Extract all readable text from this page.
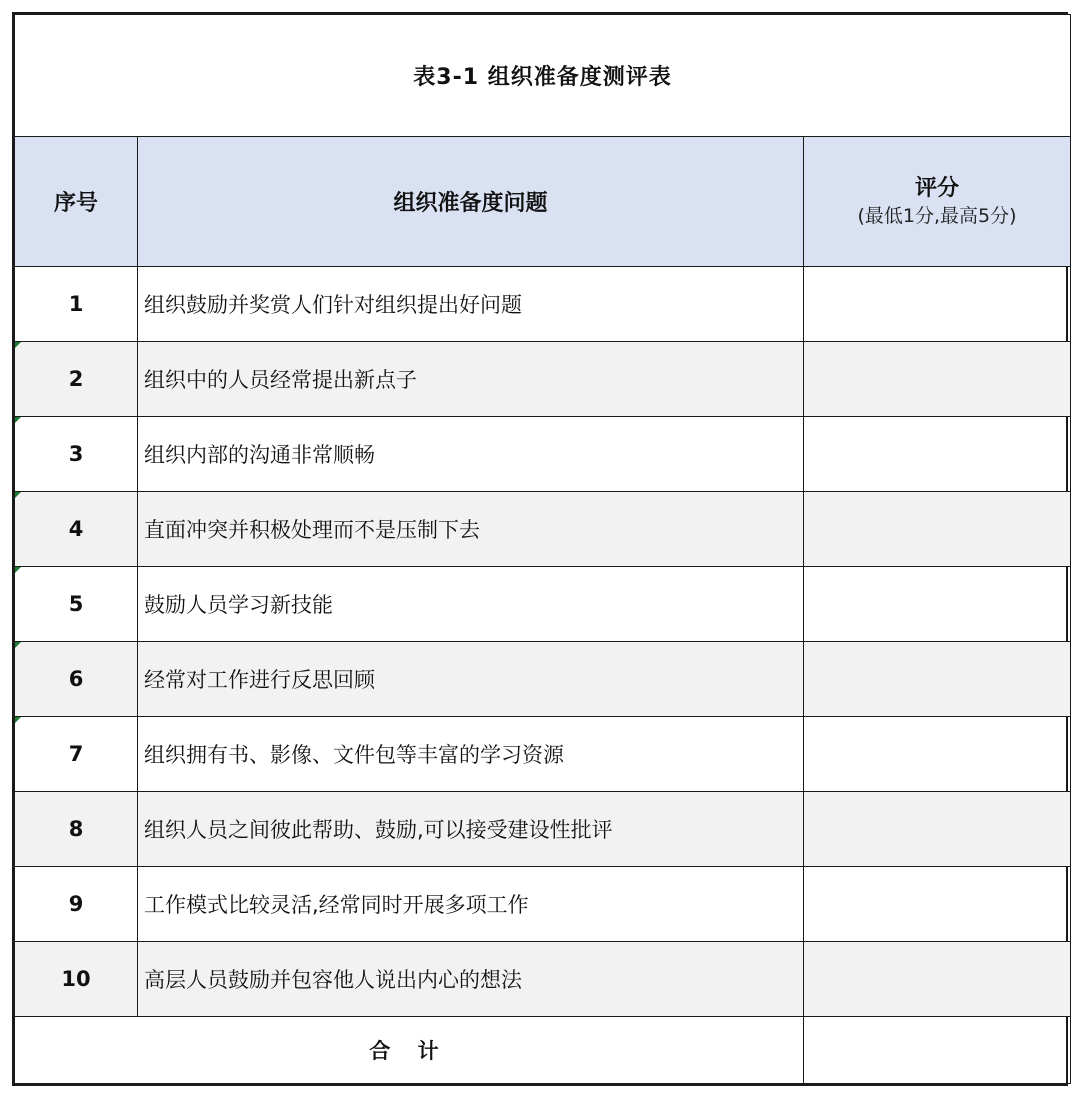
表3-1 组织准备度测评表		
序号	组织准备度问题	评分
(最低1分,最高5分)

1	组织鼓励并奖赏人们针对组织提出好问题	

2	组织中的人员经常提出新点子	

3	组织内部的沟通非常顺畅	

4	直面冲突并积极处理而不是压制下去	

5	鼓励人员学习新技能	

6	经常对工作进行反思回顾	

7	组织拥有书、影像、文件包等丰富的学习资源	
8	组织人员之间彼此帮助、鼓励,可以接受建设性批评	
9	工作模式比较灵活,经常同时开展多项工作	
10	高层人员鼓励并包容他人说出内心的想法	
合 计		
